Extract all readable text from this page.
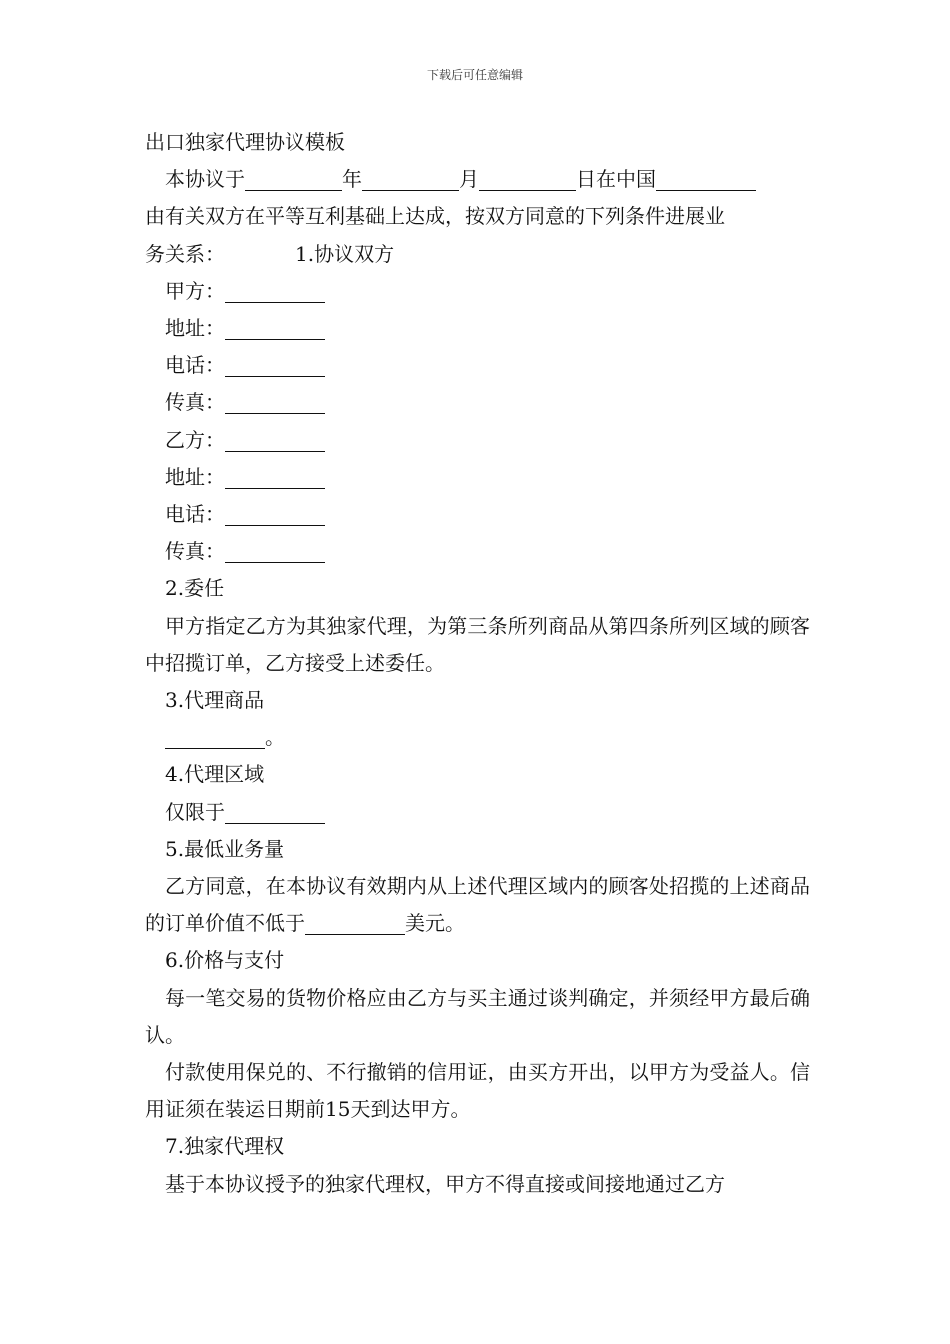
下载后可任意编辑

出口独家代理协议模板

本协议于	年	月	日在中国

由有关双方在平等互利基础上达成，按双方同意的下列条件进展业

务关系：	1.协议双方

甲方：

地址：

电话：

传真：

乙方：

地址：

电话：

传真：

2.委任

甲方指定乙方为其独家代理，为第三条所列商品从第四条所列区域的顾客中招揽订单，乙方接受上述委任。

3.代理商品

。

4.代理区域

仅限于

5.最低业务量

乙方同意，在本协议有效期内从上述代理区域内的顾客处招揽的上述商品的订单价值不低于	美元。

6.价格与支付

每一笔交易的货物价格应由乙方与买主通过谈判确定，并须经甲方最后确认。

付款使用保兑的、不行撤销的信用证，由买方开出，以甲方为受益人。信用证须在装运日期前15天到达甲方。

7.独家代理权

基于本协议授予的独家代理权，甲方不得直接或间接地通过乙方
